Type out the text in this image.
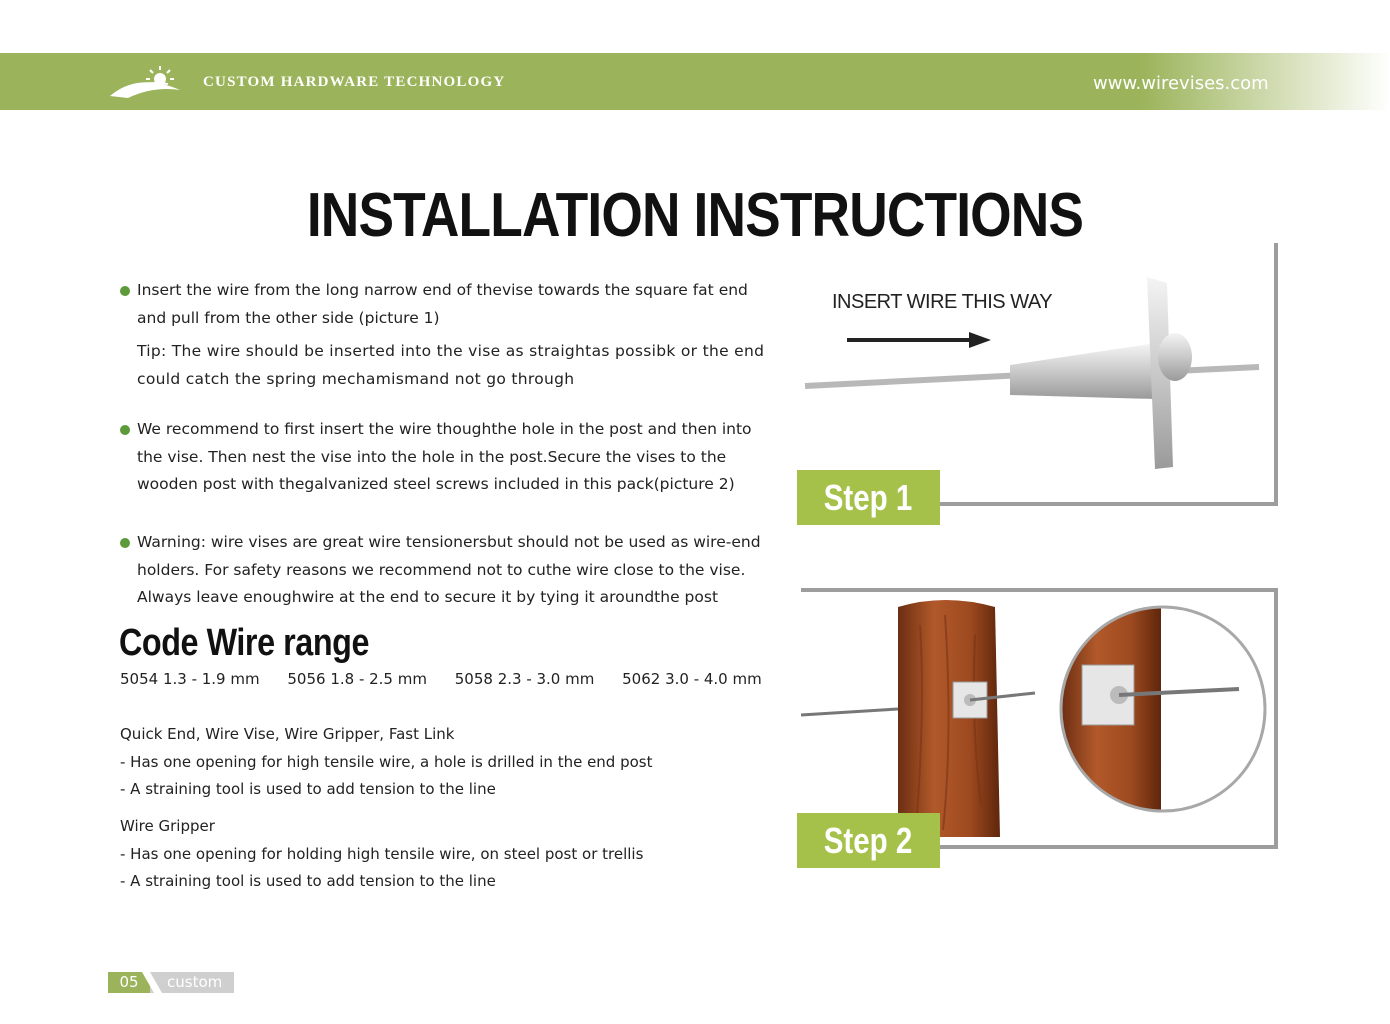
CUSTOM HARDWARE TECHNOLOGY	www.wirevises.com
INSTALLATION INSTRUCTIONS
Insert the wire from the long narrow end of thevise towards the square fat end and pull from the other side (picture 1)
Tip: The wire should be inserted into the vise as straightas possibk or the end could catch the spring mechamismand not go through
We recommend to first insert the wire thoughthe hole in the post and then into the vise. Then nest the vise into the hole in the post.Secure the vises to the wooden post with thegalvanized steel screws included in this pack(picture 2)
Warning: wire vises are great wire tensionersbut should not be used as wire-end holders. For safety reasons we recommend not to cuthe wire close to the vise. Always leave enoughwire at the end to secure it by tying it aroundthe post
Code Wire range
5054 1.3 - 1.9 mm 5056 1.8 - 2.5 mm 5058 2.3 - 3.0 mm 5062 3.0 - 4.0 mm
Quick End, Wire Vise, Wire Gripper, Fast Link
- Has one opening for high tensile wire, a hole is drilled in the end post
- A straining tool is used to add tension to the line
Wire Gripper
- Has one opening for holding high tensile wire, on steel post or trellis
- A straining tool is used to add tension to the line
INSERT WIRE THIS WAY
Step 1
Step 2
05	custom
